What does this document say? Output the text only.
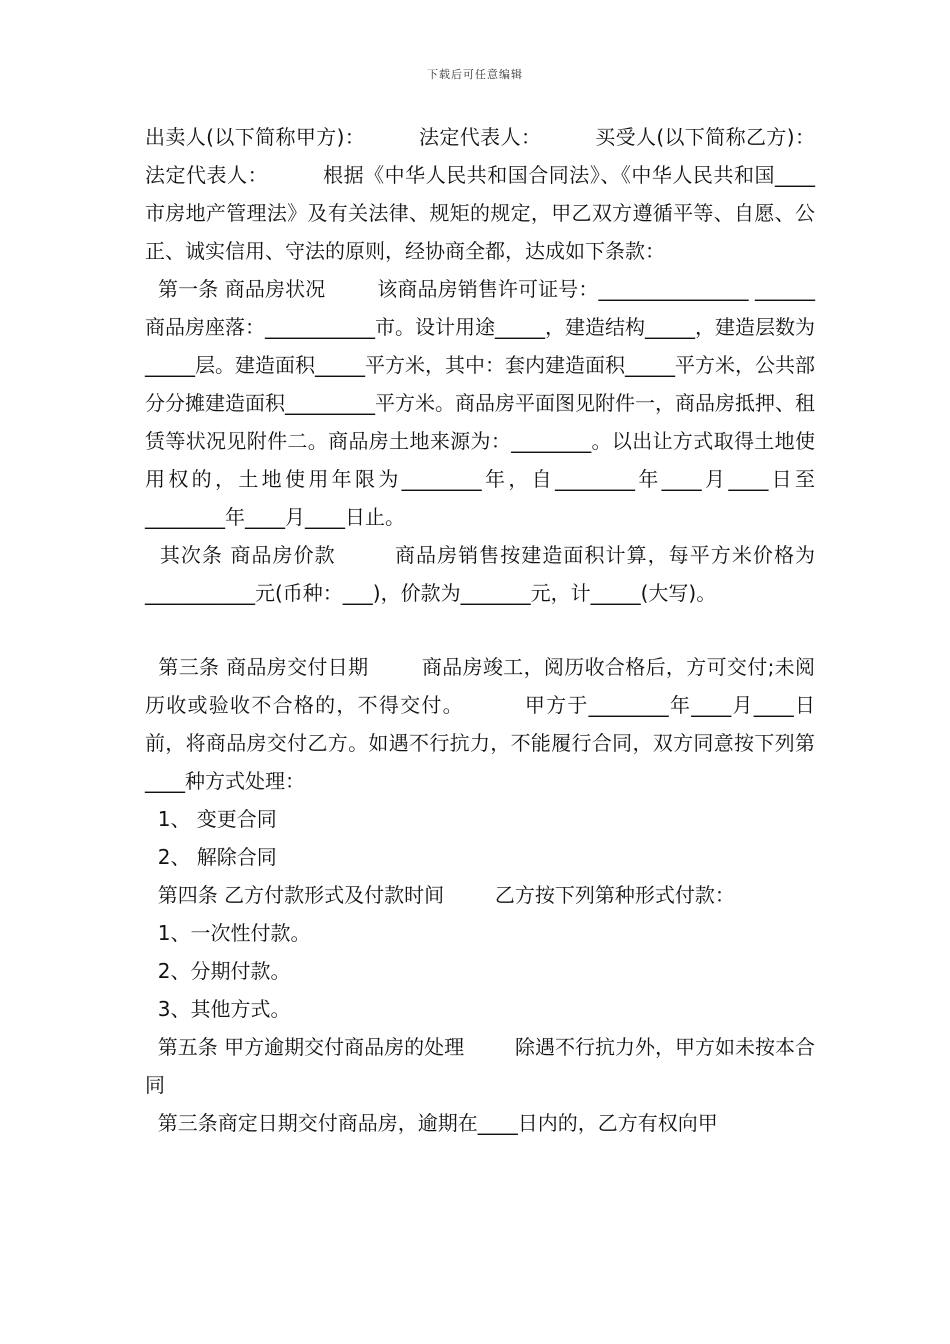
下载后可任意编辑

出卖人(以下简称甲方)：        法定代表人：        买受人(以下简称乙方)：        法定代表人：        根据《中华人民共和国合同法》、《中华人民共和国____市房地产管理法》及有关法律、规矩的规定，甲乙双方遵循平等、自愿、公正、诚实信用、守法的原则，经协商全都，达成如下条款：

第一条 商品房状况        该商品房销售许可证号：_______________ ______ 商品房座落：___________市。设计用途_____，建造结构_____，建造层数为_____层。建造面积_____平方米，其中：套内建造面积_____平方米，公共部分分摊建造面积_________平方米。商品房平面图见附件一，商品房抵押、租赁等状况见附件二。商品房土地来源为：________。以出让方式取得土地使用权的，土地使用年限为________年，自________年____月____日至________年____月____日止。

其次条 商品房价款        商品房销售按建造面积计算，每平方米价格为___________元(币种：___)，价款为_______元，计_____(大写)。

第三条 商品房交付日期        商品房竣工，阅历收合格后，方可交付;未阅历收或验收不合格的，不得交付。        甲方于________年____月____日前，将商品房交付乙方。如遇不行抗力，不能履行合同，双方同意按下列第____种方式处理：

1、 变更合同

2、 解除合同

第四条 乙方付款形式及付款时间        乙方按下列第种形式付款：

1、一次性付款。

2、分期付款。

3、其他方式。

第五条 甲方逾期交付商品房的处理        除遇不行抗力外，甲方如未按本合同

第三条商定日期交付商品房，逾期在____日内的，乙方有权向甲
